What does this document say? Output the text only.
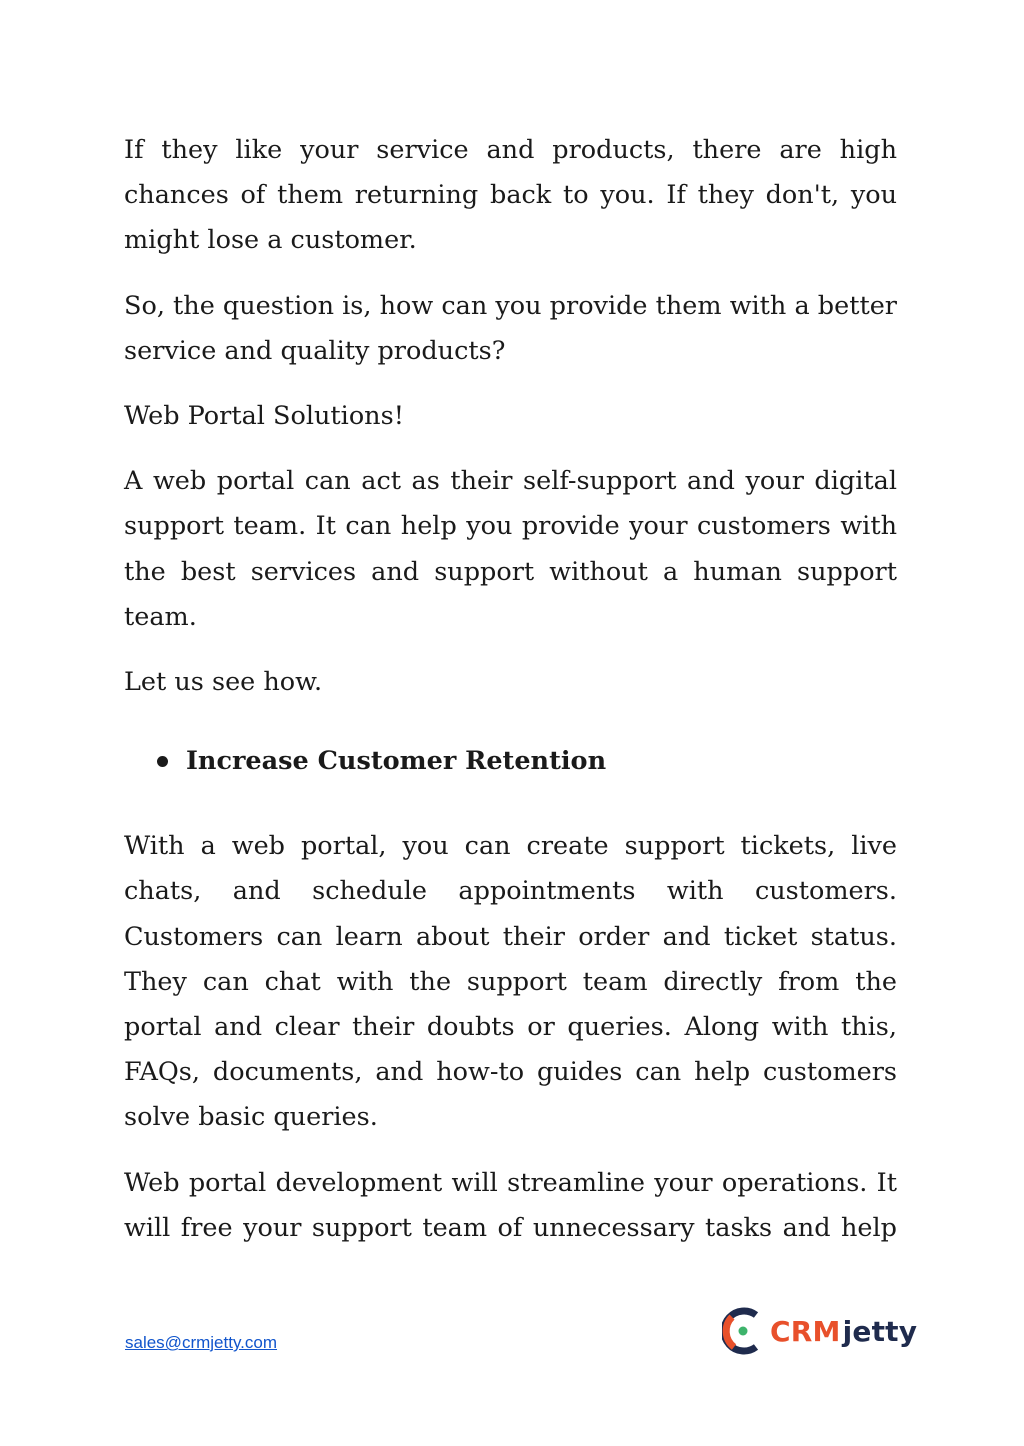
If they like your service and products, there are high chances of them returning back to you. If they don't, you might lose a customer.

So, the question is, how can you provide them with a better service and quality products?

Web Portal Solutions!

A web portal can act as their self-support and your digital support team. It can help you provide your customers with the best services and support without a human support team.

Let us see how.

Increase Customer Retention

With a web portal, you can create support tickets, live chats, and schedule appointments with customers. Customers can learn about their order and ticket status. They can chat with the support team directly from the portal and clear their doubts or queries. Along with this, FAQs, documents, and how-to guides can help customers solve basic queries.

Web portal development will streamline your operations. It will free your support team of unnecessary tasks and help

sales@crmjetty.com	CRM jetty
